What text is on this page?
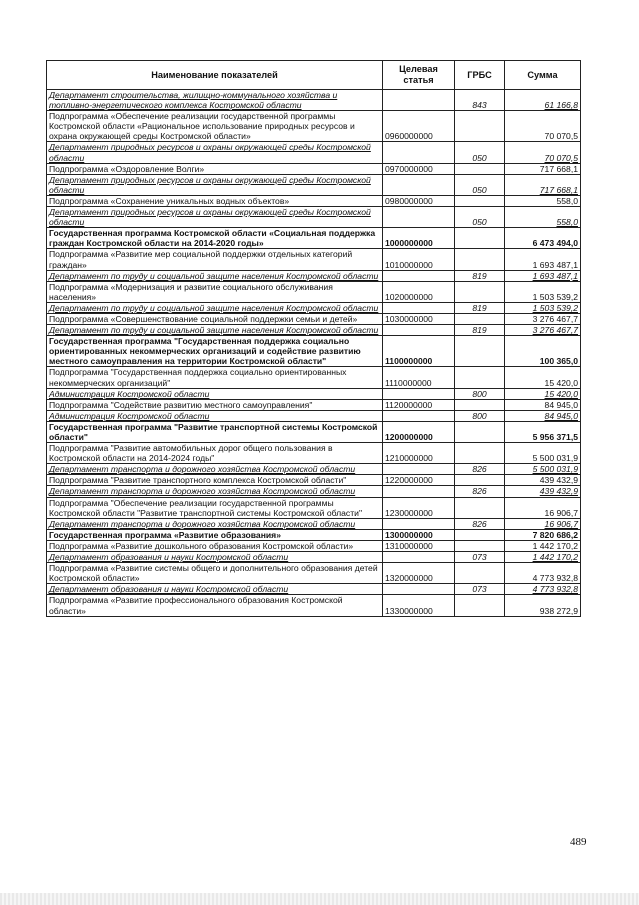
Наименование показателей	Целевая статья	ГРБС	Сумма
Департамент строительства, жилищно-коммунального хозяйства и топливно-энергетического комплекса Костромской области		843	61 166,8
Подпрограмма «Обеспечение реализации государственной программы Костромской области «Рациональное использование природных ресурсов и охрана окружающей среды Костромской области»	0960000000		70 070,5
Департамент природных ресурсов и охраны окружающей среды Костромской области		050	70 070,5
Подпрограмма «Оздоровление Волги»	0970000000		717 668,1
Департамент природных ресурсов и охраны окружающей среды Костромской области		050	717 668,1
Подпрограмма «Сохранение уникальных водных объектов»	0980000000		558,0
Департамент природных ресурсов и охраны окружающей среды Костромской области		050	558,0
Государственная программа Костромской области «Социальная поддержка граждан Костромской области на 2014-2020 годы»	1000000000		6 473 494,0
Подпрограмма «Развитие мер социальной поддержки отдельных категорий граждан»	1010000000		1 693 487,1
Департамент по труду и социальной защите населения Костромской области		819	1 693 487,1
Подпрограмма «Модернизация и развитие социального обслуживания населения»	1020000000		1 503 539,2
Департамент по труду и социальной защите населения Костромской области		819	1 503 539,2
Подпрограмма «Совершенствование социальной поддержки семьи и детей»	1030000000		3 276 467,7
Департамент по труду и социальной защите населения Костромской области		819	3 276 467,7
Государственная программа "Государственная поддержка социально ориентированных некоммерческих организаций и содействие развитию местного самоуправления на территории Костромской области"	1100000000		100 365,0
Подпрограмма "Государственная поддержка социально ориентированных некоммерческих организаций"	1110000000		15 420,0
Администрация Костромской области		800	15 420,0
Подпрограмма "Содействие развитию местного самоуправления"	1120000000		84 945,0
Администрация Костромской области		800	84 945,0
Государственная программа "Развитие транспортной системы Костромской области"	1200000000		5 956 371,5
Подпрограмма "Развитие автомобильных дорог общего пользования в Костромской области на 2014-2024 годы"	1210000000		5 500 031,9
Департамент транспорта и дорожного хозяйства Костромской области		826	5 500 031,9
Подпрограмма "Развитие транспортного комплекса Костромской области"	1220000000		439 432,9
Департамент транспорта и дорожного хозяйства Костромской области		826	439 432,9
Подпрограмма "Обеспечение реализации государственной программы Костромской области "Развитие транспортной системы Костромской области"	1230000000		16 906,7
Департамент транспорта и дорожного хозяйства Костромской области		826	16 906,7
Государственная программа «Развитие образования»	1300000000		7 820 686,2
Подпрограмма «Развитие дошкольного образования Костромской области»	1310000000		1 442 170,2
Департамент образования и науки Костромской области		073	1 442 170,2
Подпрограмма «Развитие системы общего и дополнительного образования детей Костромской области»	1320000000		4 773 932,8
Департамент образования и науки Костромской области		073	4 773 932,8
Подпрограмма «Развитие профессионального образования Костромской области»	1330000000		938 272,9
489
